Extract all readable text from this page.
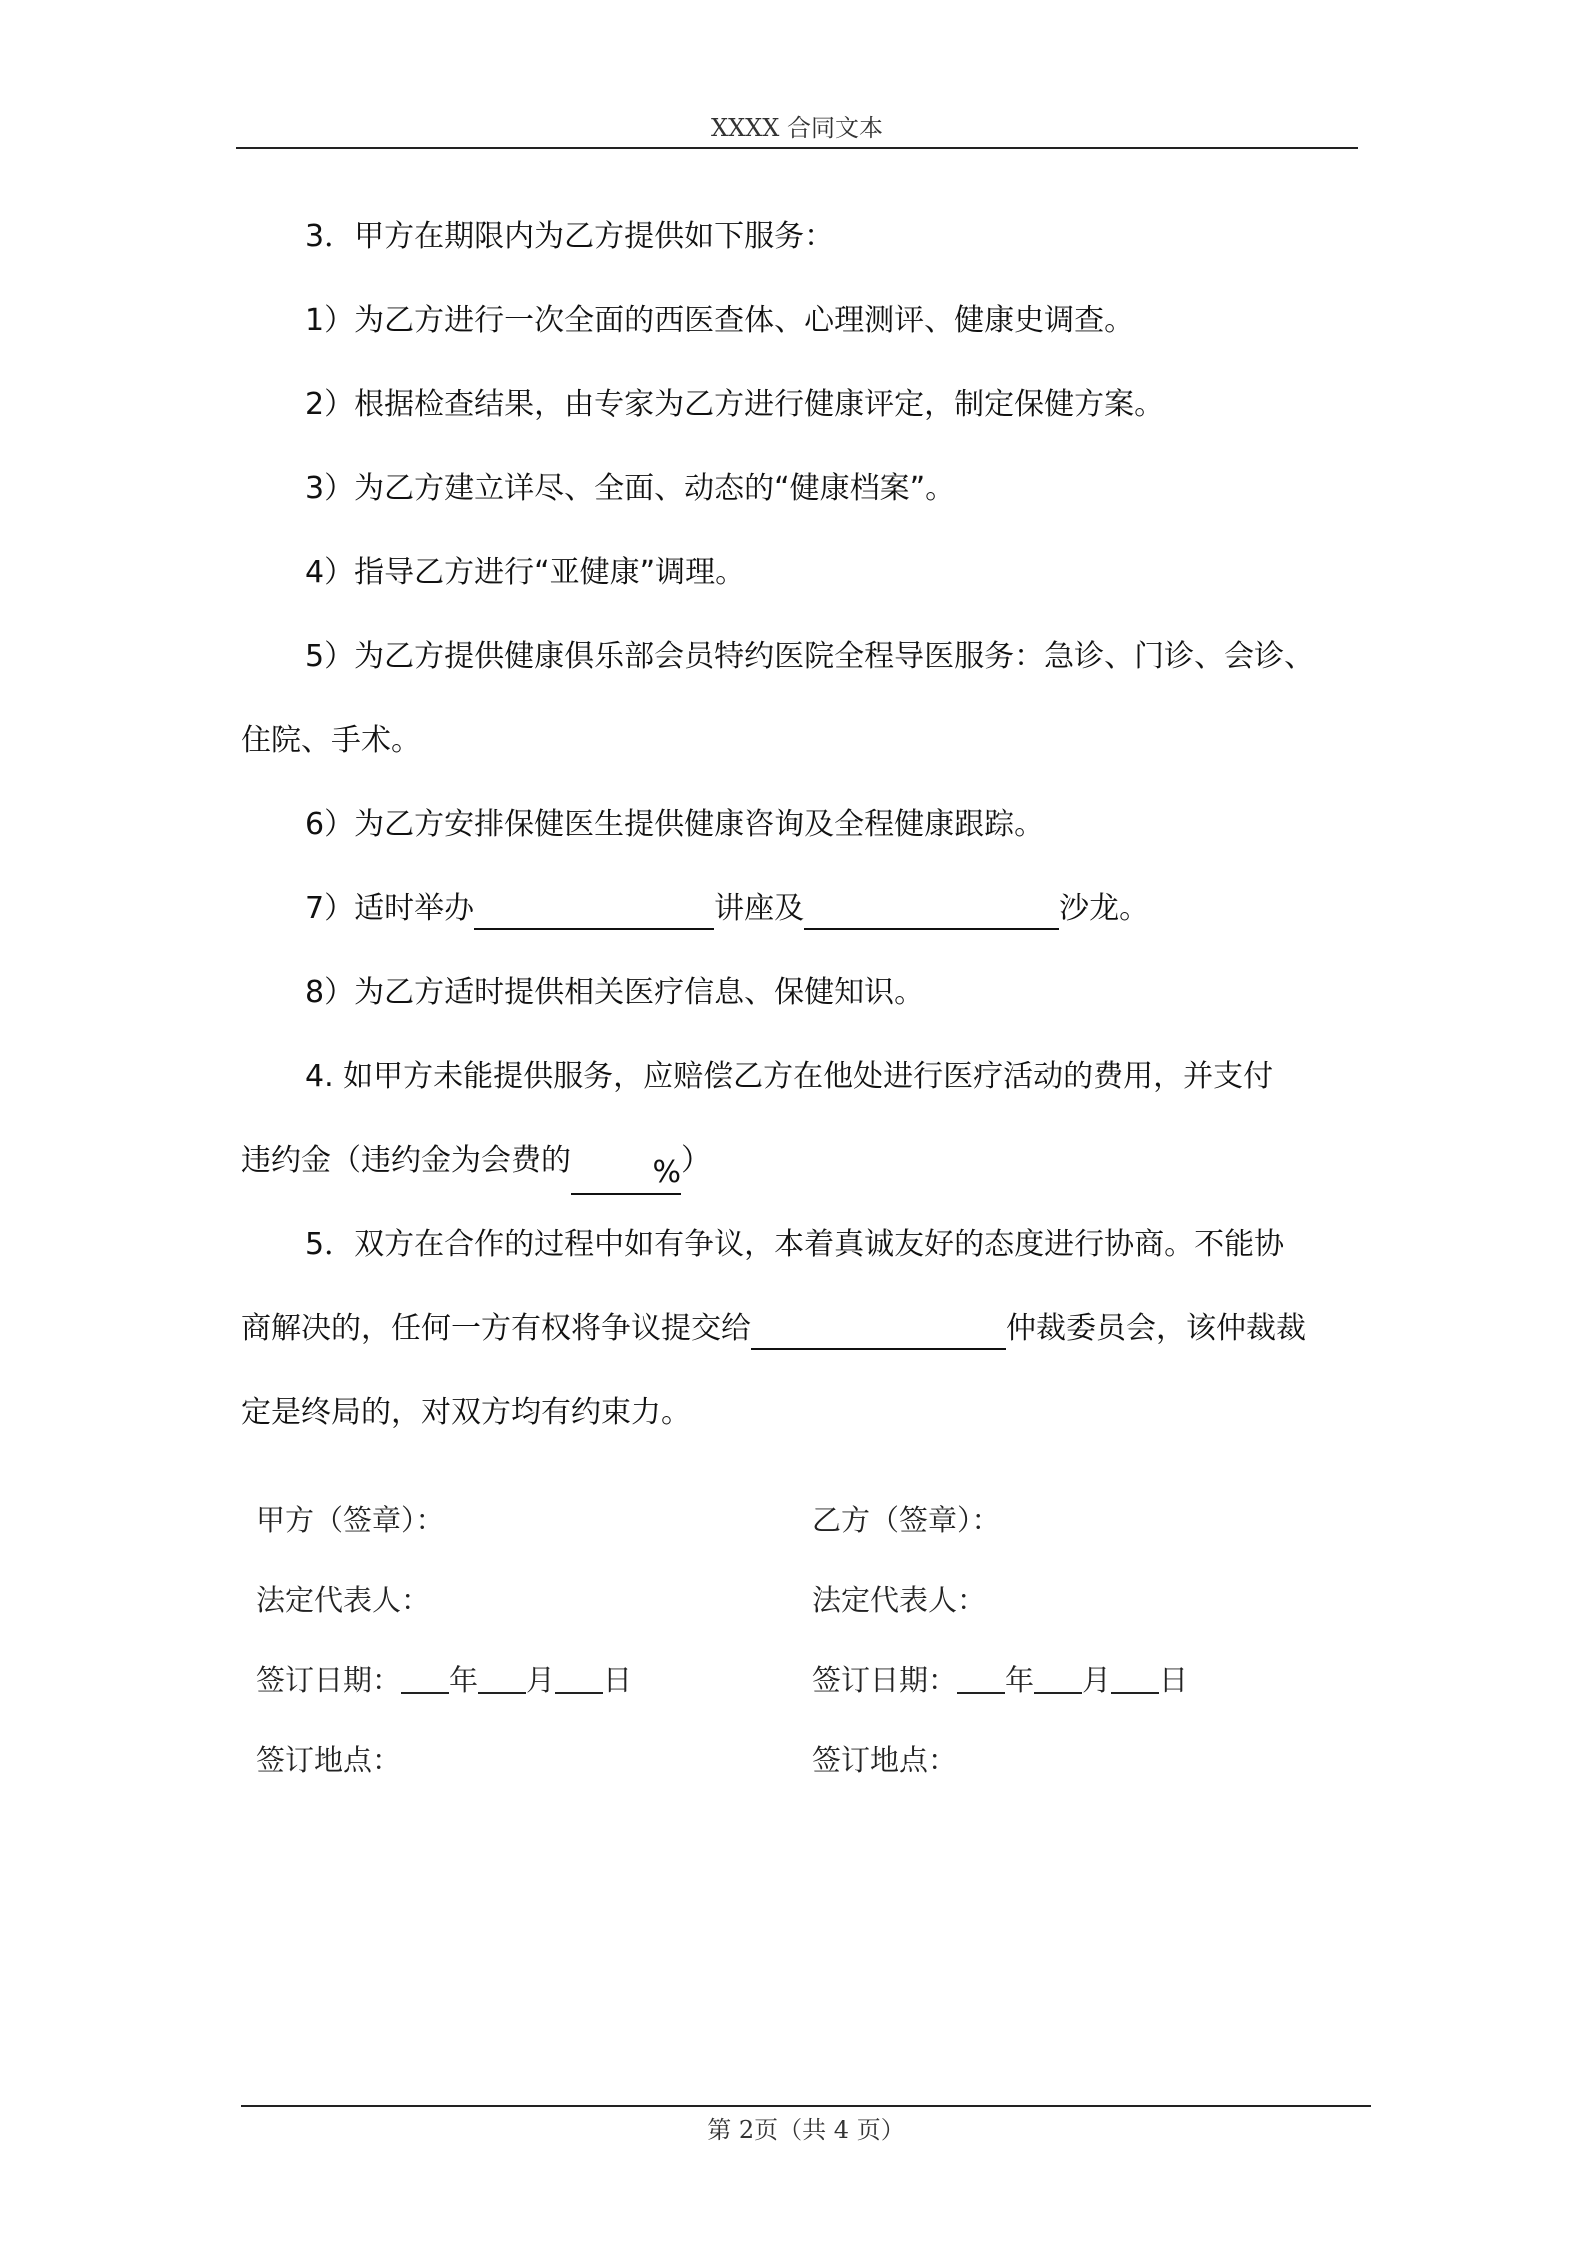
XXXX 合同文本

3．甲方在期限内为乙方提供如下服务：

1）为乙方进行一次全面的西医查体、心理测评、健康史调查。

2）根据检查结果，由专家为乙方进行健康评定，制定保健方案。

3）为乙方建立详尽、全面、动态的“健康档案”。

4）指导乙方进行“亚健康”调理。

5）为乙方提供健康俱乐部会员特约医院全程导医服务：急诊、门诊、会诊、

住院、手术。

6）为乙方安排保健医生提供健康咨询及全程健康跟踪。

7）适时举办	讲座及	沙龙。

8）为乙方适时提供相关医疗信息、保健知识。

4. 如甲方未能提供服务，应赔偿乙方在他处进行医疗活动的费用，并支付

违约金（违约金为会费的	%）

5．双方在合作的过程中如有争议，本着真诚友好的态度进行协商。不能协

商解决的，任何一方有权将争议提交给	仲裁委员会，该仲裁裁

定是终局的，对双方均有约束力。

甲方（签章）：
法定代表人：
签订日期： 年 月 日
签订地点：
乙方（签章）：
法定代表人：
签订日期： 年 月 日
签订地点：
第 2页（共 4 页）
